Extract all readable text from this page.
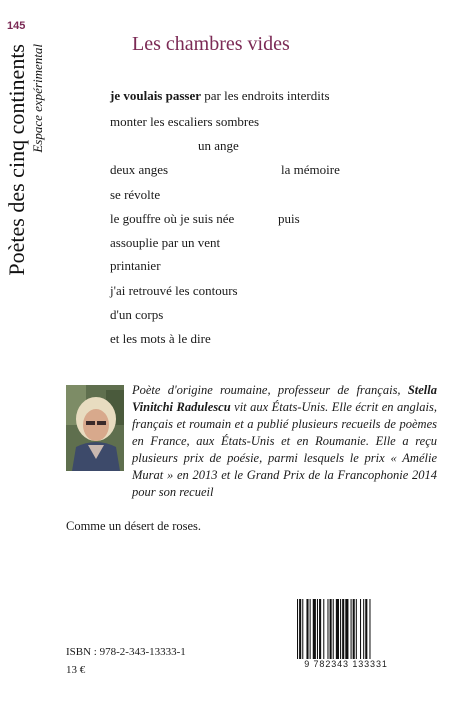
145
Poètes des cinq continents Espace expérimental	Les chambres vides
je voulais passer par les endroits interdits
monter les escaliers sombres
un ange
deux anges	la mémoire
se révolte
le gouffre où je suis née	puis
assouplie par un vent
printanier
j'ai retrouvé les contours
d'un corps
et les mots à le dire

Poète d'origine roumaine, professeur de français, Stella Vinitchi Radulescu vit aux États-Unis. Elle écrit en anglais, français et roumain et a publié plusieurs recueils de poèmes en France, aux États-Unis et en Roumanie. Elle a reçu plusieurs prix de poésie, parmi lesquels le prix « Amélie Murat » en 2013 et le Grand Prix de la Francophonie 2014 pour son recueil

Comme un désert de roses.
ISBN : 978-2-343-13333-1
13 €	9 782343 133331
